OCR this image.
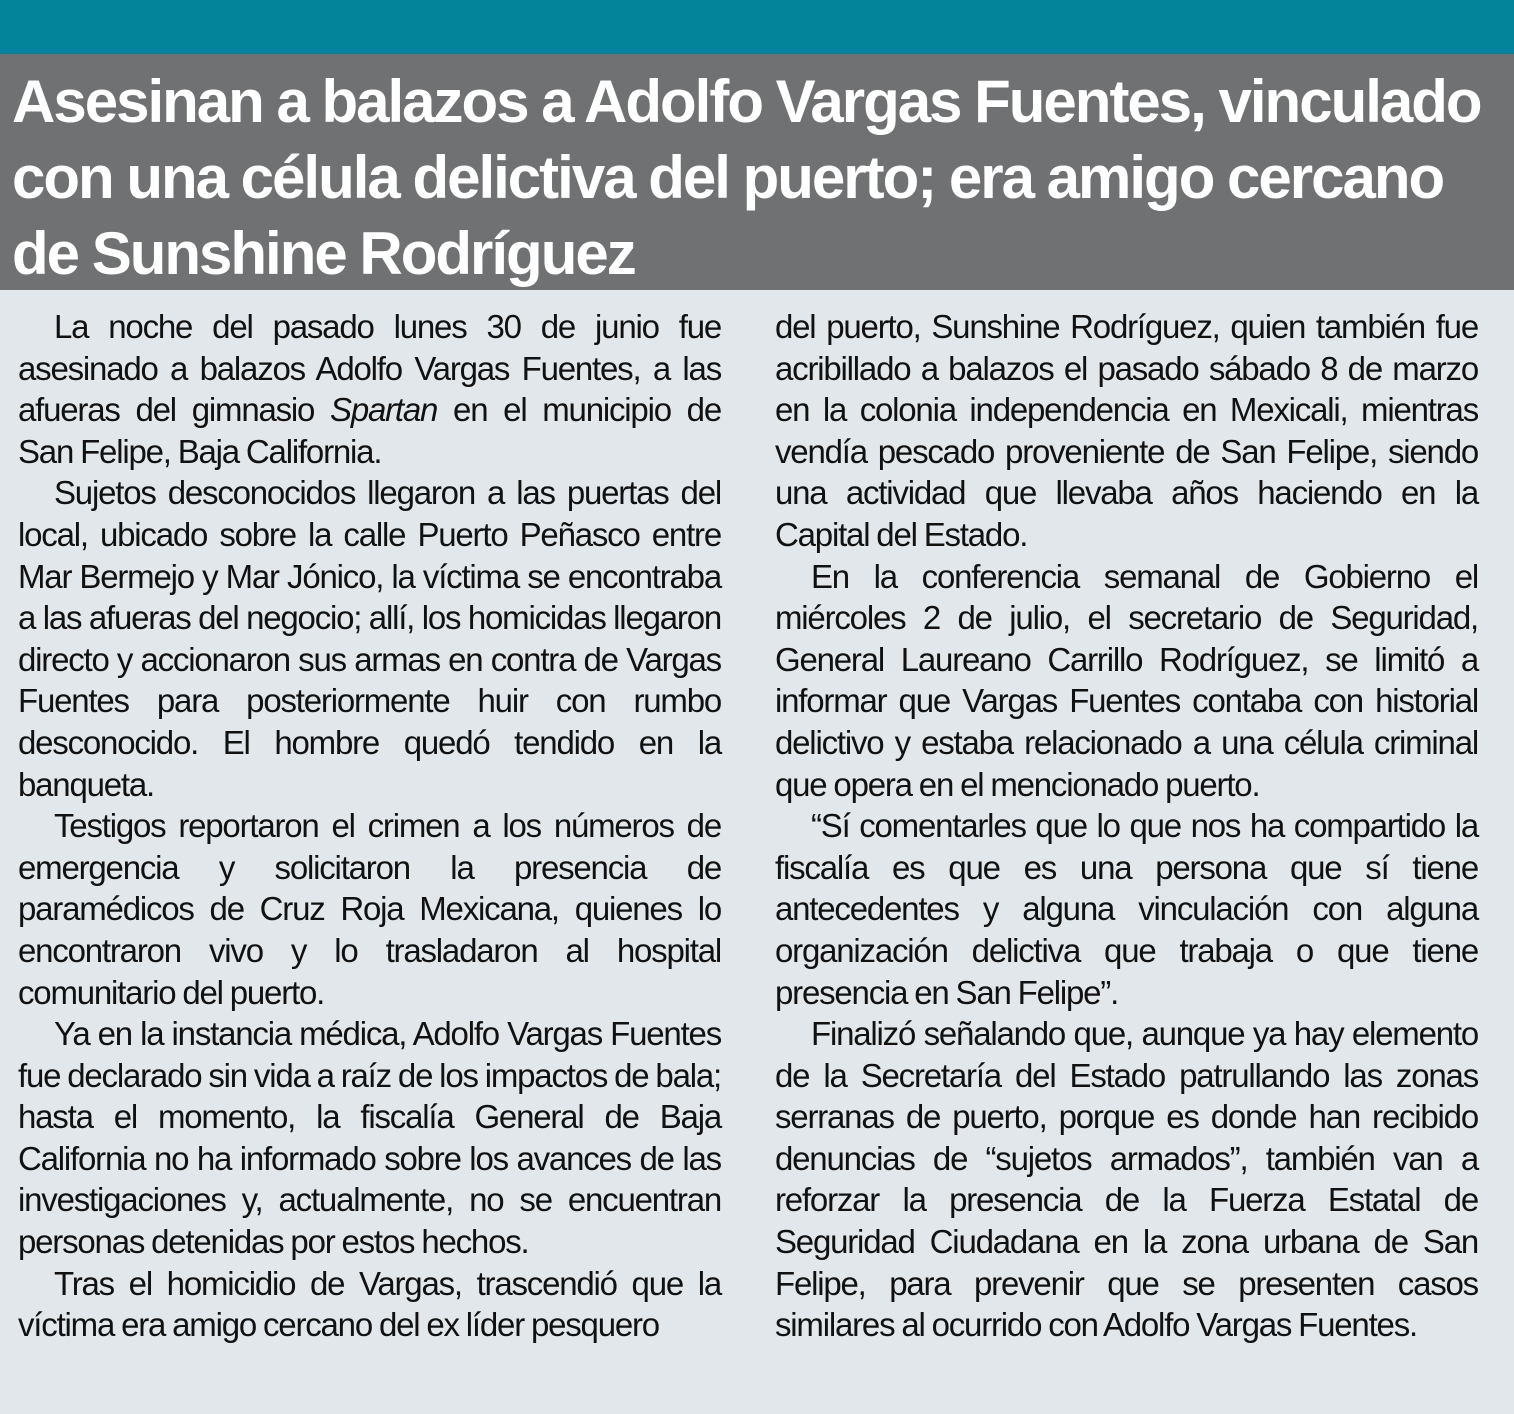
Asesinan a balazos a Adolfo Vargas Fuentes, vinculado con una célula delictiva del puerto; era amigo cercano de Sunshine Rodríguez

La noche del pasado lunes 30 de junio fue asesinado a balazos Adolfo Vargas Fuentes, a las afueras del gimnasio Spartan en el municipio de San Felipe, Baja California.

Sujetos desconocidos llegaron a las puertas del local, ubicado sobre la calle Puerto Peñasco entre Mar Bermejo y Mar Jónico, la víctima se encontraba a las afueras del negocio; allí, los homicidas llegaron directo y accionaron sus armas en contra de Vargas Fuentes para posteriormente huir con rumbo desconocido. El hombre quedó tendido en la banqueta.

Testigos reportaron el crimen a los números de emergencia y solicitaron la presencia de paramédicos de Cruz Roja Mexicana, quienes lo encontraron vivo y lo trasladaron al hospital comunitario del puerto.

Ya en la instancia médica, Adolfo Vargas Fuentes fue declarado sin vida a raíz de los impactos de bala; hasta el momento, la fiscalía General de Baja California no ha informado sobre los avances de las investigaciones y, actualmente, no se encuentran personas detenidas por estos hechos.

Tras el homicidio de Vargas, trascendió que la víctima era amigo cercano del ex líder pesquero

del puerto, Sunshine Rodríguez, quien también fue acribillado a balazos el pasado sábado 8 de marzo en la colonia independencia en Mexicali, mientras vendía pescado proveniente de San Felipe, siendo una actividad que llevaba años haciendo en la Capital del Estado.

En la conferencia semanal de Gobierno el miércoles 2 de julio, el secretario de Seguridad, General Laureano Carrillo Rodríguez, se limitó a informar que Vargas Fuentes contaba con historial delictivo y estaba relacionado a una célula criminal que opera en el mencionado puerto.

“Sí comentarles que lo que nos ha compartido la fiscalía es que es una persona que sí tiene antecedentes y alguna vinculación con alguna organización delictiva que trabaja o que tiene presencia en San Felipe”.

Finalizó señalando que, aunque ya hay elemento de la Secretaría del Estado patrullando las zonas serranas de puerto, porque es donde han recibido denuncias de “sujetos armados”, también van a reforzar la presencia de la Fuerza Estatal de Seguridad Ciudadana en la zona urbana de San Felipe, para prevenir que se presenten casos similares al ocurrido con Adolfo Vargas Fuentes.
